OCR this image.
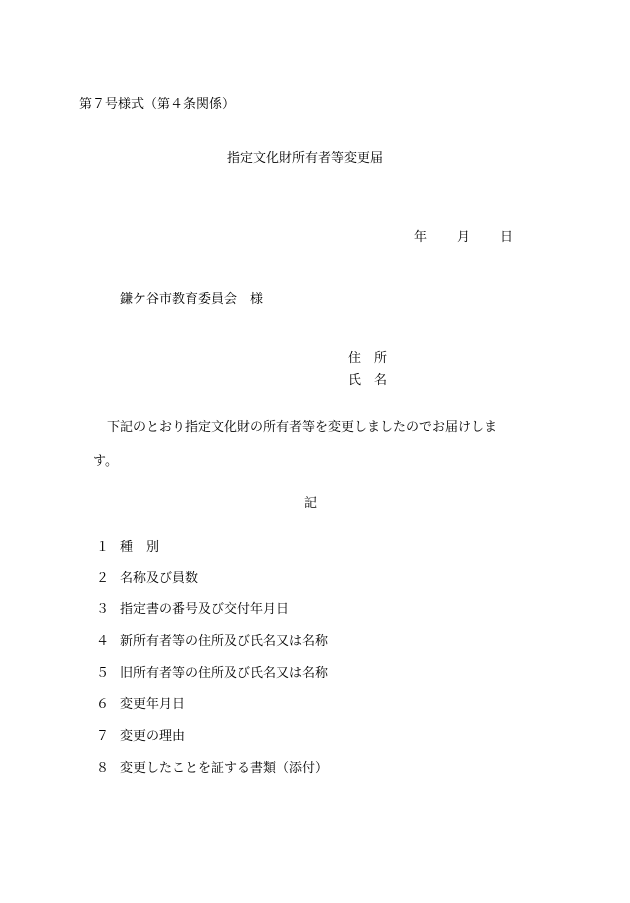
第７号様式（第４条関係）
指定文化財所有者等変更届
年 月 日
鎌ケ谷市教育委員会　様
住　所
氏　名
下記のとおり指定文化財の所有者等を変更しましたのでお届けしま
す。
記
１ 種　別
２ 名称及び員数
３ 指定書の番号及び交付年月日
４ 新所有者等の住所及び氏名又は名称
５ 旧所有者等の住所及び氏名又は名称
６ 変更年月日
７ 変更の理由
８ 変更したことを証する書類（添付）
